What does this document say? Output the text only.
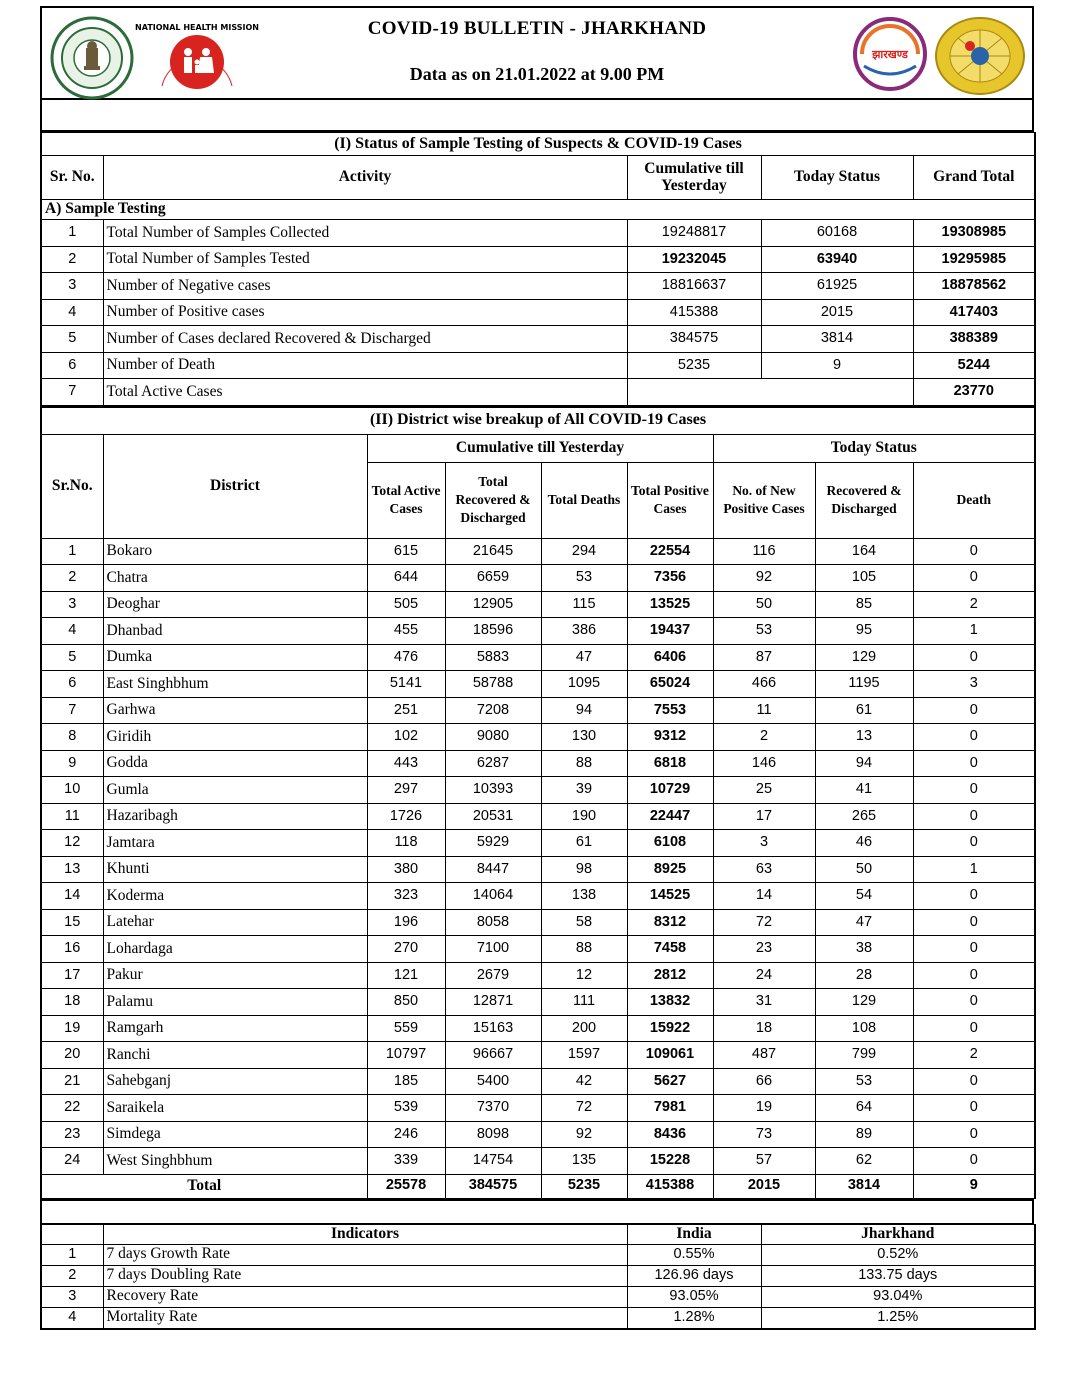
NATIONAL HEALTH MISSION	COVID-19 BULLETIN - JHARKHAND
Data as on 21.01.2022 at 9.00 PM
झारखण्ड
(I) Status of Sample Testing of Suspects & COVID-19 Cases				
Sr. No.	Activity	Cumulative till Yesterday	Today Status	Grand Total
A) Sample Testing				
1	Total Number of Samples Collected	19248817	60168	19308985
2	Total Number of Samples Tested	19232045	63940	19295985
3	Number of Negative cases	18816637	61925	18878562
4	Number of Positive cases	415388	2015	417403
5	Number of Cases declared Recovered & Discharged	384575	3814	388389
6	Number of Death	5235	9	5244
7	Total Active Cases			23770
(II) District wise breakup of All COVID-19 Cases								
Sr.No.	District	Cumulative till Yesterday				Today Status		
		Total Active Cases	Total Recovered & Discharged	Total Deaths	Total Positive Cases	No. of New Positive Cases	Recovered & Discharged	Death
1	Bokaro	615	21645	294	22554	116	164	0
2	Chatra	644	6659	53	7356	92	105	0
3	Deoghar	505	12905	115	13525	50	85	2
4	Dhanbad	455	18596	386	19437	53	95	1
5	Dumka	476	5883	47	6406	87	129	0
6	East Singhbhum	5141	58788	1095	65024	466	1195	3
7	Garhwa	251	7208	94	7553	11	61	0
8	Giridih	102	9080	130	9312	2	13	0
9	Godda	443	6287	88	6818	146	94	0
10	Gumla	297	10393	39	10729	25	41	0
11	Hazaribagh	1726	20531	190	22447	17	265	0
12	Jamtara	118	5929	61	6108	3	46	0
13	Khunti	380	8447	98	8925	63	50	1
14	Koderma	323	14064	138	14525	14	54	0
15	Latehar	196	8058	58	8312	72	47	0
16	Lohardaga	270	7100	88	7458	23	38	0
17	Pakur	121	2679	12	2812	24	28	0
18	Palamu	850	12871	111	13832	31	129	0
19	Ramgarh	559	15163	200	15922	18	108	0
20	Ranchi	10797	96667	1597	109061	487	799	2
21	Sahebganj	185	5400	42	5627	66	53	0
22	Saraikela	539	7370	72	7981	19	64	0
23	Simdega	246	8098	92	8436	73	89	0
24	West Singhbhum	339	14754	135	15228	57	62	0
Total		25578	384575	5235	415388	2015	3814	9
	Indicators	India	Jharkhand
1	7 days Growth Rate	0.55%	0.52%
2	7 days Doubling Rate	126.96 days	133.75 days
3	Recovery Rate	93.05%	93.04%
4	Mortality Rate	1.28%	1.25%
